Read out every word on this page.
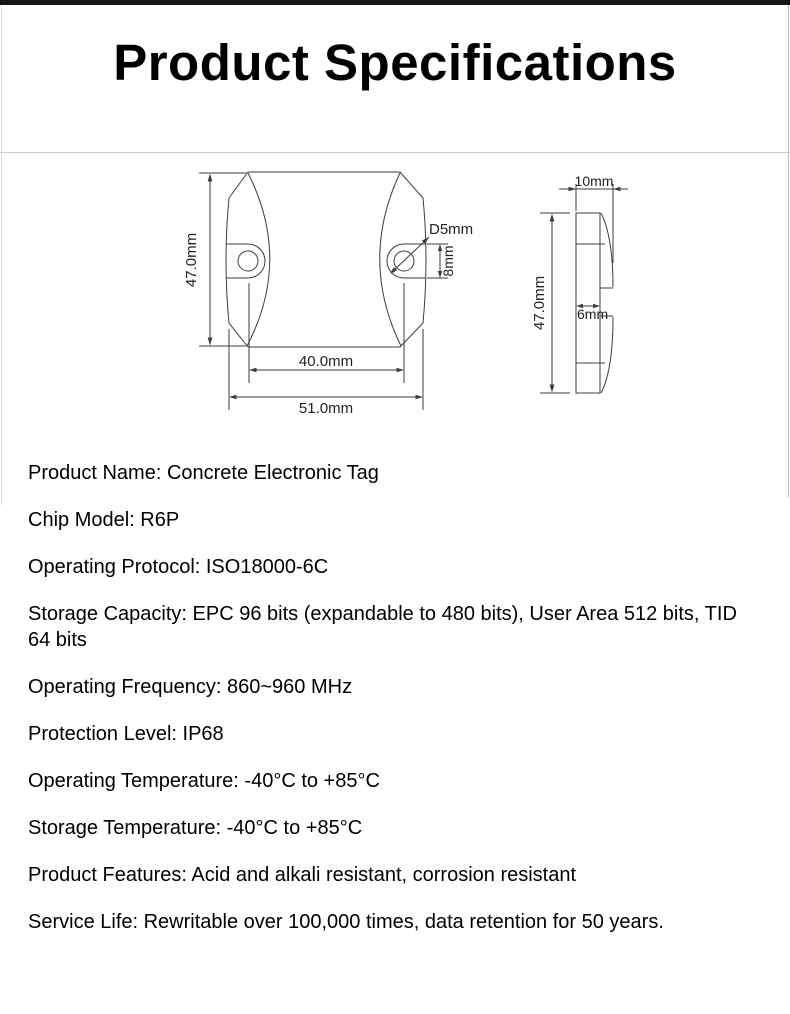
Product Specifications
47.0mm
D5mm
8mm
40.0mm
51.0mm
10mm
47.0mm 6mm

Product Name: Concrete Electronic Tag

Chip Model: R6P

Operating Protocol: ISO18000-6C

Storage Capacity: EPC 96 bits (expandable to 480 bits), User Area 512 bits, TID 64 bits

Operating Frequency: 860~960 MHz

Protection Level: IP68

Operating Temperature: -40°C to +85°C

Storage Temperature: -40°C to +85°C

Product Features: Acid and alkali resistant, corrosion resistant

Service Life: Rewritable over 100,000 times, data retention for 50 years.
